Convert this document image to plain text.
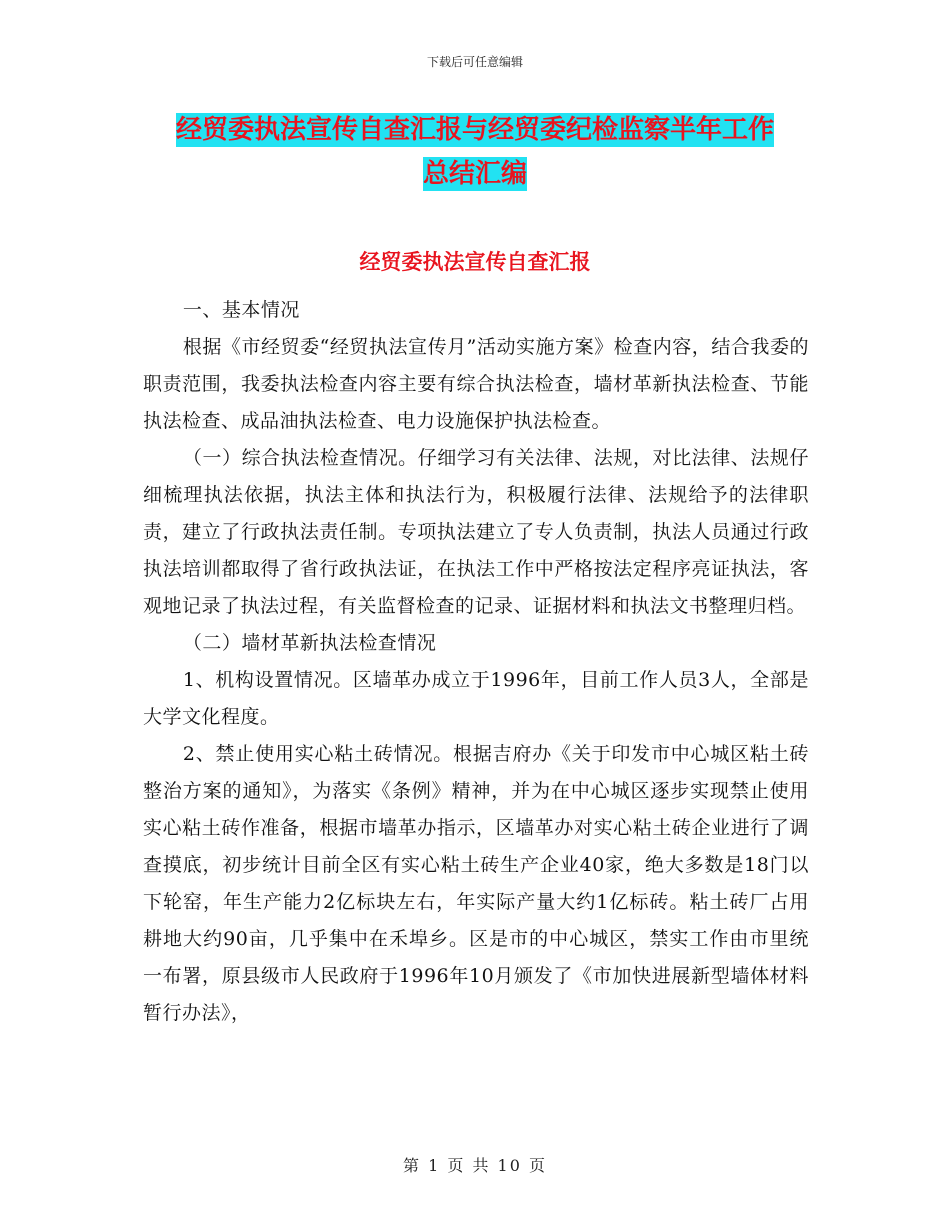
下载后可任意编辑
经贸委执法宣传自查汇报与经贸委纪检监察半年工作
总结汇编
经贸委执法宣传自查汇报

一、基本情况

根据《市经贸委“经贸执法宣传月”活动实施方案》检查内容，结合我委的职责范围，我委执法检查内容主要有综合执法检查，墙材革新执法检查、节能执法检查、成品油执法检查、电力设施保护执法检查。

（一）综合执法检查情况。仔细学习有关法律、法规，对比法律、法规仔细梳理执法依据，执法主体和执法行为，积极履行法律、法规给予的法律职责，建立了行政执法责任制。专项执法建立了专人负责制，执法人员通过行政执法培训都取得了省行政执法证，在执法工作中严格按法定程序亮证执法，客观地记录了执法过程，有关监督检查的记录、证据材料和执法文书整理归档。

（二）墙材革新执法检查情况

1、机构设置情况。区墙革办成立于1996年，目前工作人员3人，全部是大学文化程度。

2、禁止使用实心粘土砖情况。根据吉府办《关于印发市中心城区粘土砖整治方案的通知》，为落实《条例》精神，并为在中心城区逐步实现禁止使用实心粘土砖作准备，根据市墙革办指示，区墙革办对实心粘土砖企业进行了调查摸底，初步统计目前全区有实心粘土砖生产企业40家，绝大多数是18门以下轮窑，年生产能力2亿标块左右，年实际产量大约1亿标砖。粘土砖厂占用耕地大约90亩，几乎集中在禾埠乡。区是市的中心城区，禁实工作由市里统一布署，原县级市人民政府于1996年10月颁发了《市加快进展新型墙体材料暂行办法》，

第 1 页 共 10 页
